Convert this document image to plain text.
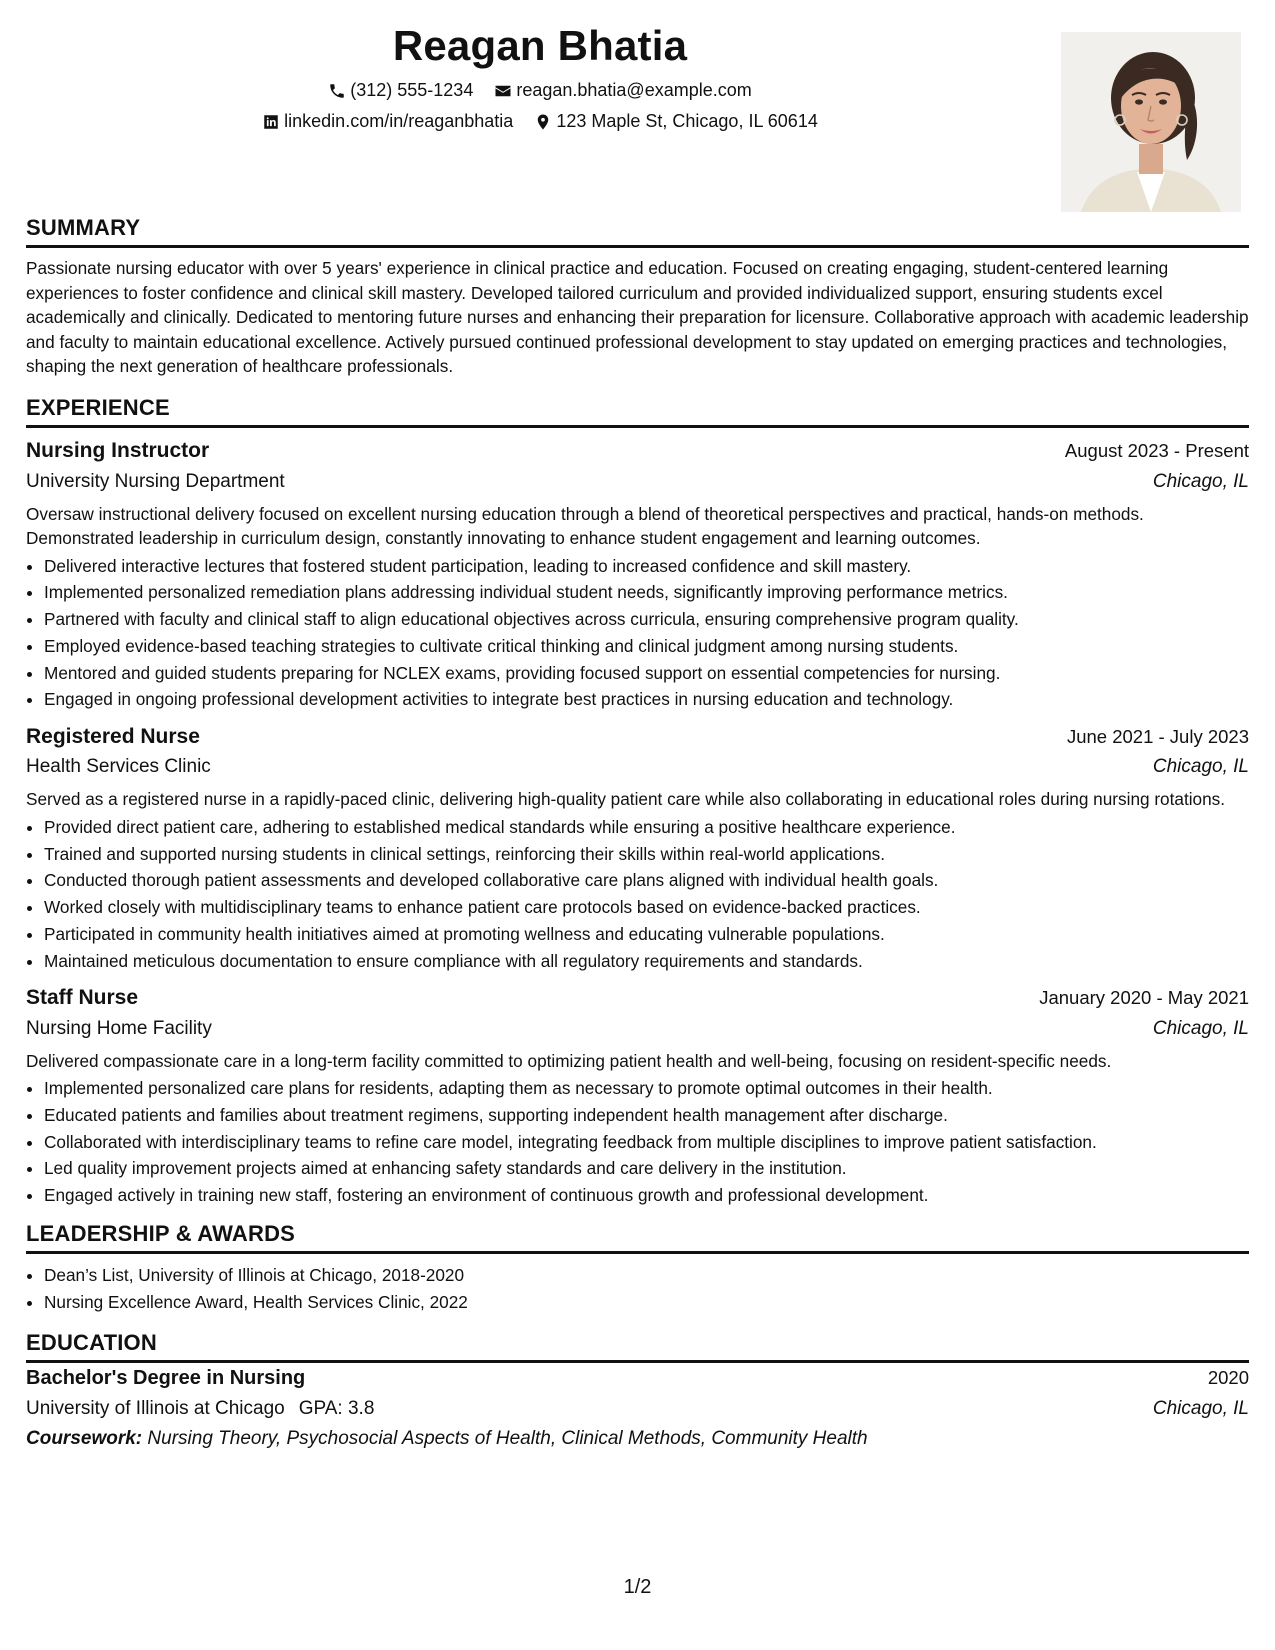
Reagan Bhatia
(312) 555-1234
reagan.bhatia@example.com
linkedin.com/in/reaganbhatia
123 Maple St, Chicago, IL 60614
SUMMARY

Passionate nursing educator with over 5 years' experience in clinical practice and education. Focused on creating engaging, student-centered learning experiences to foster confidence and clinical skill mastery. Developed tailored curriculum and provided individualized support, ensuring students excel academically and clinically. Dedicated to mentoring future nurses and enhancing their preparation for licensure. Collaborative approach with academic leadership and faculty to maintain educational excellence. Actively pursued continued professional development to stay updated on emerging practices and technologies, shaping the next generation of healthcare professionals.

EXPERIENCE
Nursing Instructor	August 2023 - Present
University Nursing Department	Chicago, IL

Oversaw instructional delivery focused on excellent nursing education through a blend of theoretical perspectives and practical, hands-on methods. Demonstrated leadership in curriculum design, constantly innovating to enhance student engagement and learning outcomes.

• Delivered interactive lectures that fostered student participation, leading to increased confidence and skill mastery.
• Implemented personalized remediation plans addressing individual student needs, significantly improving performance metrics.
• Partnered with faculty and clinical staff to align educational objectives across curricula, ensuring comprehensive program quality.
• Employed evidence-based teaching strategies to cultivate critical thinking and clinical judgment among nursing students.
• Mentored and guided students preparing for NCLEX exams, providing focused support on essential competencies for nursing.
• Engaged in ongoing professional development activities to integrate best practices in nursing education and technology.
Registered Nurse	June 2021 - July 2023
Health Services Clinic	Chicago, IL

Served as a registered nurse in a rapidly-paced clinic, delivering high-quality patient care while also collaborating in educational roles during nursing rotations.

• Provided direct patient care, adhering to established medical standards while ensuring a positive healthcare experience.
• Trained and supported nursing students in clinical settings, reinforcing their skills within real-world applications.
• Conducted thorough patient assessments and developed collaborative care plans aligned with individual health goals.
• Worked closely with multidisciplinary teams to enhance patient care protocols based on evidence-backed practices.
• Participated in community health initiatives aimed at promoting wellness and educating vulnerable populations.
• Maintained meticulous documentation to ensure compliance with all regulatory requirements and standards.
Staff Nurse	January 2020 - May 2021
Nursing Home Facility	Chicago, IL

Delivered compassionate care in a long-term facility committed to optimizing patient health and well-being, focusing on resident-specific needs.

• Implemented personalized care plans for residents, adapting them as necessary to promote optimal outcomes in their health.
• Educated patients and families about treatment regimens, supporting independent health management after discharge.
• Collaborated with interdisciplinary teams to refine care model, integrating feedback from multiple disciplines to improve patient satisfaction.
• Led quality improvement projects aimed at enhancing safety standards and care delivery in the institution.
• Engaged actively in training new staff, fostering an environment of continuous growth and professional development.
LEADERSHIP & AWARDS
• Dean’s List, University of Illinois at Chicago, 2018-2020
• Nursing Excellence Award, Health Services Clinic, 2022
EDUCATION
Bachelor's Degree in Nursing	2020
University of Illinois at Chicago GPA: 3.8	Chicago, IL
Coursework: Nursing Theory, Psychosocial Aspects of Health, Clinical Methods, Community Health
1/2
